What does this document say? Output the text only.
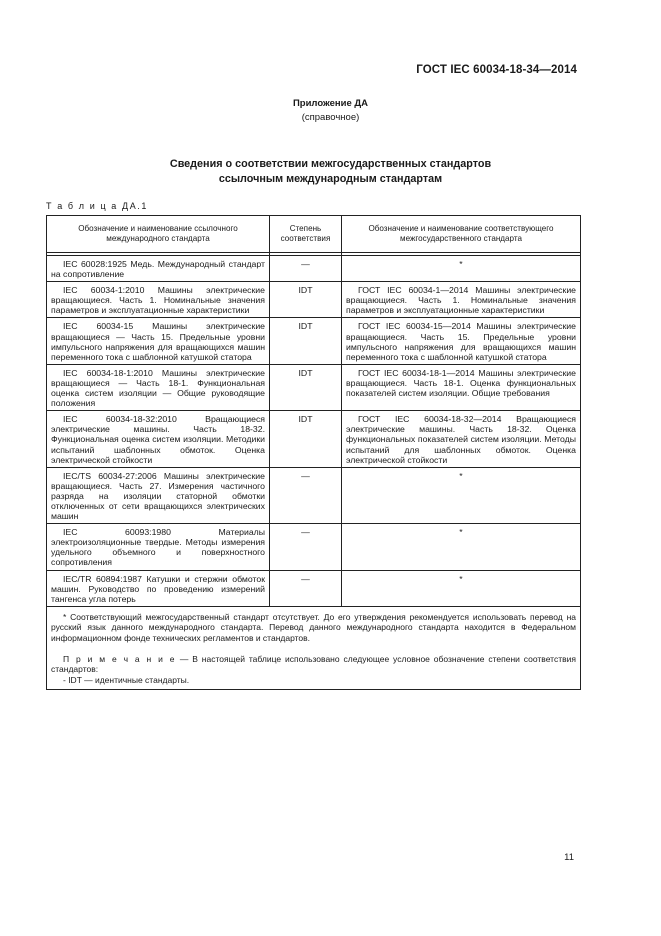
ГОСТ IEC 60034-18-34—2014
Приложение ДА
(справочное)
Сведения о соответствии межгосударственных стандартов
ссылочным международным стандартам
Т а б л и ц а ДА.1
Обозначение и наименование ссылочного международного стандарта	Степень соответствия	Обозначение и наименование соответствующего межгосударственного стандарта

IEC 60028:1925 Медь. Международный стандарт на сопротивление	—	*

IEC 60034-1:2010 Машины электрические вращающиеся. Часть 1. Номинальные значения параметров и эксплуатационные характеристики	IDT	ГОСТ IEC 60034-1—2014 Машины электрические вращающиеся. Часть 1. Номинальные значения параметров и эксплуатационные характеристики

IEC 60034-15 Машины электрические вращающиеся — Часть 15. Предельные уровни импульсного напряжения для вращающихся машин переменного тока с шаблонной катушкой статора	IDT	ГОСТ IEC 60034-15—2014 Машины электрические вращающиеся. Часть 15. Предельные уровни импульсного напряжения для вращающихся машин переменного тока с шаблонной катушкой статора

IEC 60034-18-1:2010 Машины электрические вращающиеся — Часть 18-1. Функциональная оценка систем изоляции — Общие руководящие положения	IDT	ГОСТ IEC 60034-18-1—2014 Машины электрические вращающиеся. Часть 18-1. Оценка функциональных показателей систем изоляции. Общие требования

IEC 60034-18-32:2010 Вращающиеся электрические машины. Часть 18-32. Функциональная оценка систем изоляции. Методики испытаний шаблонных обмоток. Оценка электрической стойкости	IDT	ГОСТ IEC 60034-18-32—2014 Вращающиеся электрические машины. Часть 18-32. Оценка функциональных показателей систем изоляции. Методы испытаний для шаблонных обмоток. Оценка электрической стойкости

IEC/TS 60034-27:2006 Машины электрические вращающиеся. Часть 27. Измерения частичного разряда на изоляции статорной обмотки отключенных от сети вращающихся электрических машин	—	*

IEC 60093:1980 Материалы электроизоляционные твердые. Методы измерения удельного объемного и поверхностного сопротивления	—	*

IEC/TR 60894:1987 Катушки и стержни обмоток машин. Руководство по проведению измерений тангенса угла потерь	—	*

* Соответствующий межгосударственный стандарт отсутствует. До его утверждения рекомендуется использовать перевод на русский язык данного международного стандарта. Перевод данного международного стандарта находится в Федеральном информационном фонде технических регламентов и стандартов.

П р и м е ч а н и е — В настоящей таблице использовано следующее условное обозначение степени соответствия стандартов:

- IDT — идентичные стандарты.		

11
